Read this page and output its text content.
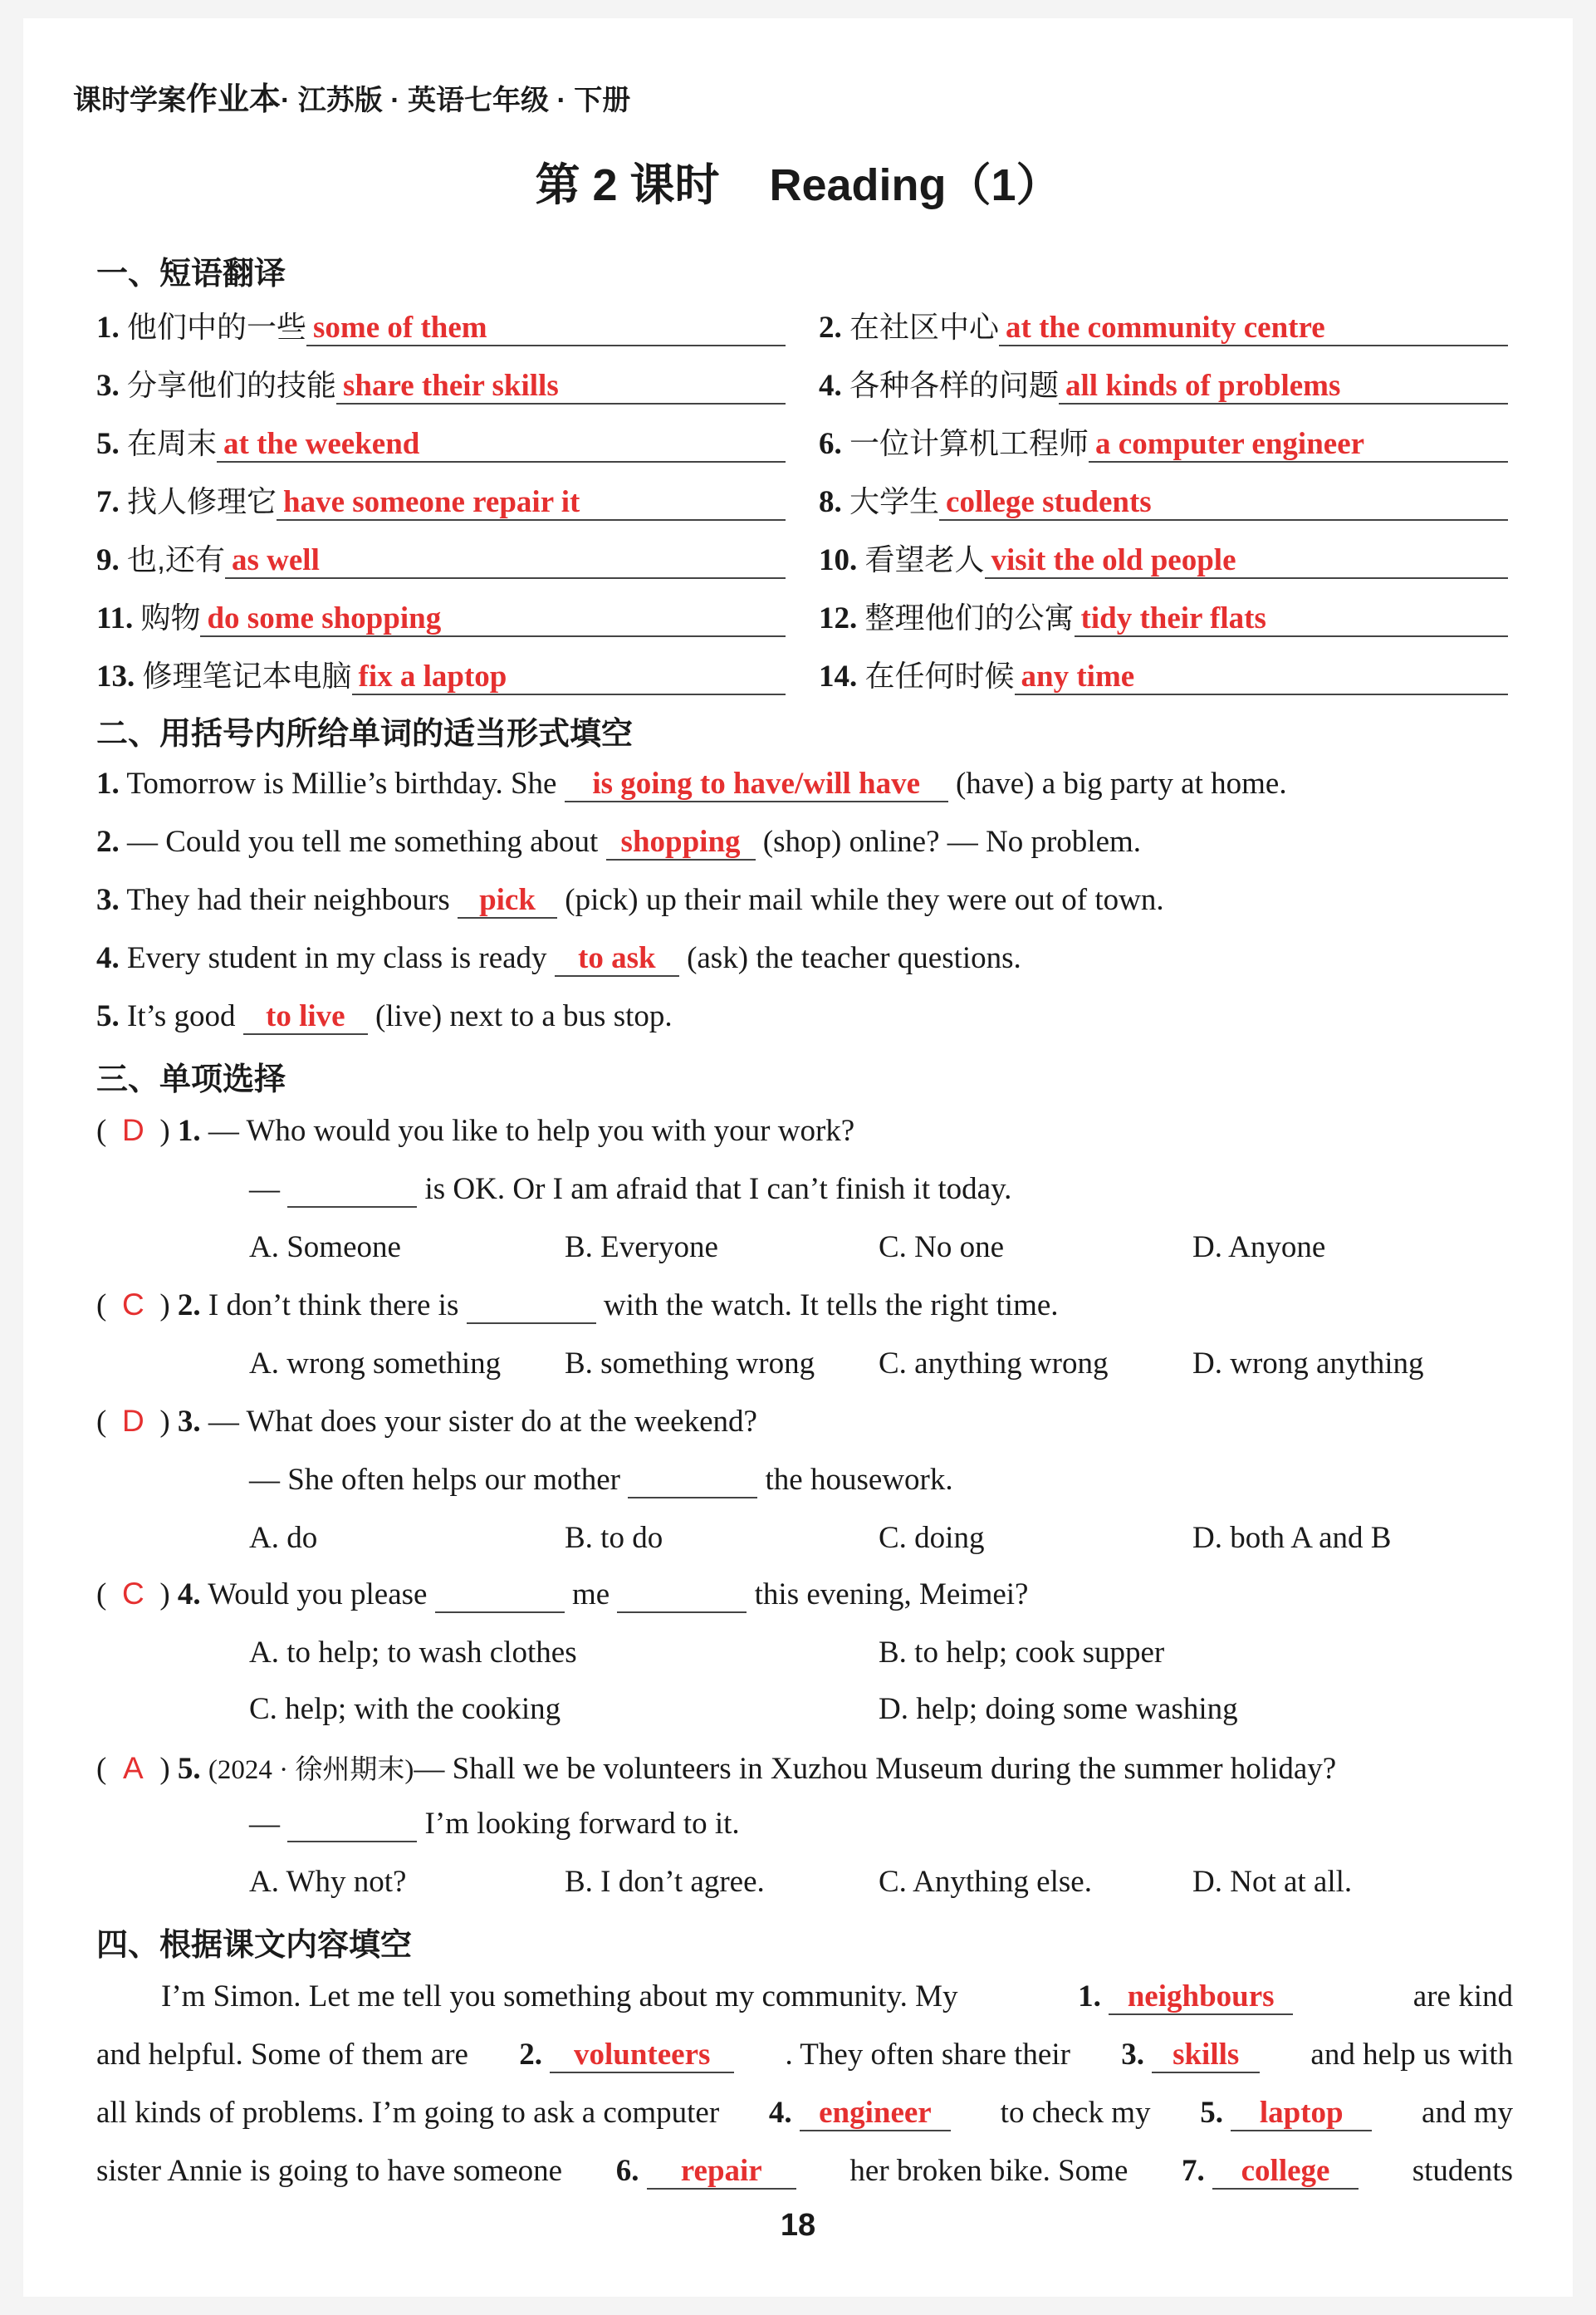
课时学案作业本· 江苏版 · 英语七年级 · 下册
第 2 课时 Reading（1）
一、短语翻译
1. 他们中的一些 some of them	2. 在社区中心 at the community centre
3. 分享他们的技能 share their skills	4. 各种各样的问题 all kinds of problems
5. 在周末 at the weekend	6. 一位计算机工程师 a computer engineer
7. 找人修理它 have someone repair it	8. 大学生 college students
9. 也,还有 as well	10. 看望老人 visit the old people
11. 购物 do some shopping	12. 整理他们的公寓 tidy their flats
13. 修理笔记本电脑 fix a laptop	14. 在任何时候 any time
二、用括号内所给单词的适当形式填空
1. Tomorrow is Millie’s birthday. She is going to have/will have (have) a big party at home.
2. — Could you tell me something about shopping (shop) online? — No problem.
3. They had their neighbours pick (pick) up their mail while they were out of town.
4. Every student in my class is ready to ask (ask) the teacher questions.
5. It’s good to live (live) next to a bus stop.
三、单项选择
( D ) 1. — Who would you like to help you with your work?
—	is OK. Or I am afraid that I can’t finish it today.
A. Someone	B. Everyone	C. No one	D. Anyone
( C ) 2. I don’t think there is	with the watch. It tells the right time.
A. wrong something B. something wrong C. anything wrong	D. wrong anything
( D ) 3. — What does your sister do at the weekend?
— She often helps our mother	the housework.
A. do	B. to do	C. doing	D. both A and B
( C ) 4. Would you please	me	this evening, Meimei?
A. to help; to wash clothes	B. to help; cook supper
C. help; with the cooking	D. help; doing some washing
( A ) 5. (2024 · 徐州期末)— Shall we be volunteers in Xuzhou Museum during the summer holiday?
—	I’m looking forward to it.
A. Why not?	B. I don’t agree.	C. Anything else.	D. Not at all.
四、根据课文内容填空
I’m Simon. Let me tell you something about my community. My	1. neighbours	are kind
and helpful. Some of them are 2. volunteers	. They often share their 3. skills	and help us with
all kinds of problems. I’m going to ask a computer 4. engineer	to check my 5. laptop	and my
sister Annie is going to have someone 6. repair	her broken bike. Some 7. college	students
18
